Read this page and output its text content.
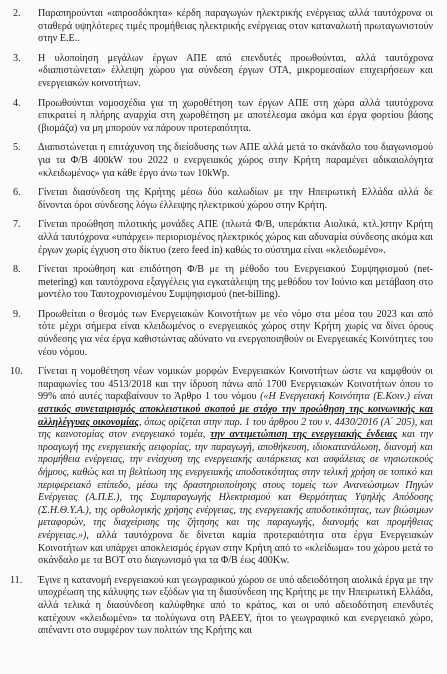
2.	Παραπηρούνται «απροσδόκητα» κέρδη παραγωγών ηλεκτρικής ενέργειας αλλά ταυτόχρονα οι σταθερά υψηλότερες τιμές προμήθειας ηλεκτρικής ενέργειας στον καταναλωτή πρωταγωνιστούν στην Ε.Ε..

3.	Η υλοποίηση μεγάλων έργων ΑΠΕ από επενδυτές προωθούνται, αλλά ταυτόχρονα «διαπιστώνεται» έλλειψη χώρου για σύνδεση έργων ΟΤΑ, μικρομεσαίων επιχειρήσεων και ενεργειακών κοινοτήτων.

4.	Προωθούνται νομοσχέδια για τη χωροθέτηση των έργων ΑΠΕ στη χώρα αλλά ταυτόχρονα επικρατεί η πλήρης αναρχία στη χωροθέτηση με αποτέλεσμα ακόμα και έργα φορτίου βάσης (βιομάζα) να μη μπορούν να πάρουν προτεραιότητα.

5.	Διαπιστώνεται η επιτάχυνση της διείσδυσης των ΑΠΕ αλλά μετά το σκάνδαλο του διαγωνισμού για τα Φ/Β 400kW του 2022 ο ενεργειακός χώρος στην Κρήτη παραμένει αδικαιολόγητα «κλειδωμένος» για κάθε έργο άνω των 10kWp.

6.	Γίνεται διασύνδεση της Κρήτης μέσω δύο καλωδίων με την Ηπειρωτική Ελλάδα αλλά δε δίνονται όροι σύνδεσης λόγω έλλειψης ηλεκτρικού χώρου στην Κρήτη.

7.	Γίνεται προώθηση πιλοτικής μονάδες ΑΠΕ (πλωτά Φ/Β, υπεράκτια Αιολικά, κτλ.)στην Κρήτη αλλά ταυτόχρονα «υπάρχει» περιορισμένος ηλεκτρικός χώρος και αδυναμία σύνδεσης ακόμα και έργων χωρίς έγχυση στο δίκτυο (zero feed in) καθώς το σύστημα είναι «κλειδωμένο».

8.	Γίνεται προώθηση και επιδότηση Φ/Β με τη μέθοδο του Ενεργειακού Συμψηφισμού (net-metering) και ταυτόχρονα εξαγγέλεις για εγκατάλειψη της μεθόδου τον Ιούνιο και μετάβαση στο μοντέλο του Ταυτοχρονισμένου Συμψηφισμού (net-billing).

9.	Προωθείται ο θεσμός των Ενεργειακών Κοινοτήτων με νέο νόμο στα μέσα του 2023 και από τότε μέχρι σήμερα είναι κλειδωμένος ο ενεργειακός χώρος στην Κρήτη χωρίς να δίνει όρους σύνδεσης για νέα έργα καθιστώντας αδύνατο να ενεργοποιηθούν οι Ενεργειακές Κοινότητες του νέου νόμου.

10.	Γίνεται η νομοθέτηση νέων νομικών μορφών Ενεργειακών Κοινοτήτων ώστε να καμφθούν οι παραφωνίες του 4513/2018 και την ίδρυση πάνω από 1700 Ενεργειακών Κοινοτήτων όπου το 99% από αυτές παραβαίνουν το Άρθρο 1 του νόμου («Η Ενεργειακή Κοινότητα (Ε.Κοιν.) είναι αστικός συνεταιρισμός αποκλειστικού σκοπού με στόχο την προώθηση της κοινωνικής και αλληλέγγυας οικονομίας, όπως ορίζεται στην παρ. 1 του άρθρου 2 του ν. 4430/2016 (Α΄ 205), και της καινοτομίας στον ενεργειακό τομέα, την αντιμετώπιση της ενεργειακής ένδειας και την προαγωγή της ενεργειακής αειφορίας, την παραγωγή, αποθήκευση, ιδιοκατανάλωση, διανομή και προμήθεια ενέργειας, την ενίσχυση της ενεργειακής αυτάρκειας και ασφάλειας σε νησιωτικούς δήμους, καθώς και τη βελτίωση της ενεργειακής αποδοτικότητας στην τελική χρήση σε τοπικό και περιφερειακό επίπεδο, μέσω της δραστηριοποίησης στους τομείς των Ανανεώσιμων Πηγών Ενέργειας (Α.Π.Ε.), της Συμπαραγωγής Ηλεκτρισμού και Θερμότητας Υψηλής Απόδοσης (Σ.Η.Θ.Υ.Α.), της ορθολογικής χρήσης ενέργειας, της ενεργειακής αποδοτικότητας, των βιώσιμων μεταφορών, της διαχείρισης της ζήτησης και της παραγωγής, διανομής και προμήθειας ενέργειας.»), αλλά ταυτόχρονα δε δίνεται καμία προτεραιότητα στα έργα Ενεργειακών Κοινοτήτων και υπάρχει αποκλεισμός έργων στην Κρήτη από το «κλείδωμα» του χώρου μετά το σκάνδαλο με τα ΒΟΤ στο διαγωνισμό για τα Φ/Β έως 400Kw.

11.	Έγινε η κατανομή ενεργειακού και γεωγραφικού χώρου σε υπό αδειοδότηση αιολικά έργα με την υποχρέωση της κάλυψης των εξόδων για τη διασύνδεση της Κρήτης με την Ηπειρωτική Ελλάδα, αλλά τελικά η διασύνδεση καλύφθηκε από το κράτος, και οι υπό αδειοδότηση επενδυτές κατέχουν «κλειδωμένο» τα πολύγωνα στη ΡΑΕΕΥ, ήτοι το γεωγραφικό και ενεργειακό χώρο, απέναντι στο συμφέρον των πολιτών της Κρήτης και
